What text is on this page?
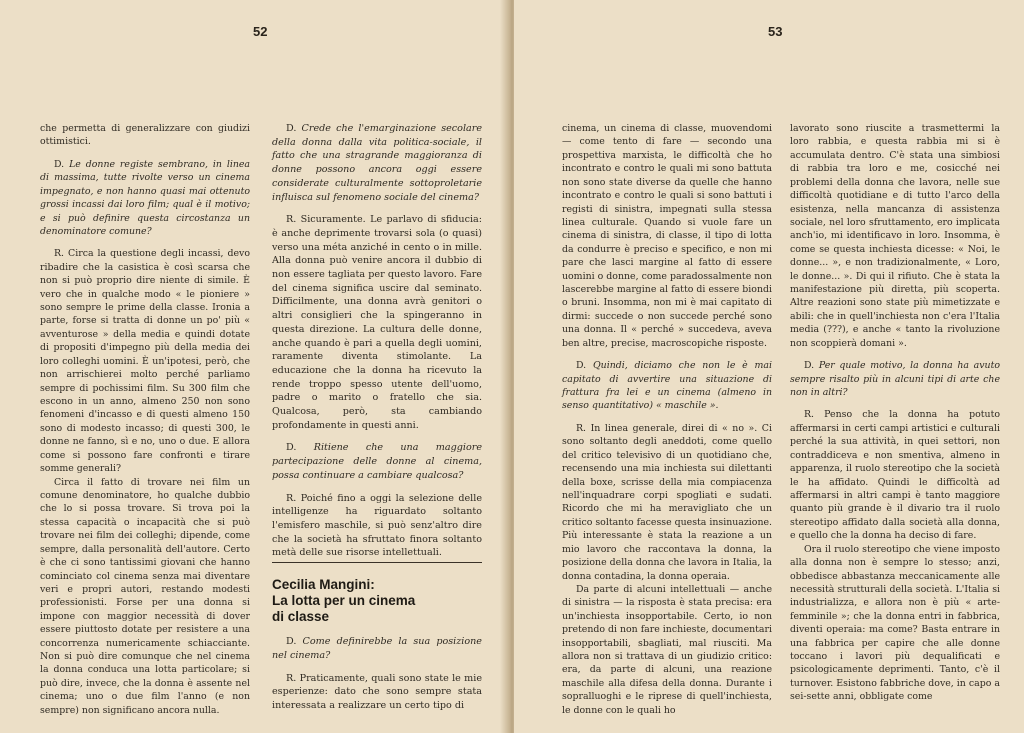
52

che permetta di generalizzare con giudizi ottimistici.

D. Le donne registe sembrano, in linea di massima, tutte rivolte verso un cinema impegnato, e non hanno quasi mai ottenuto grossi incassi dai loro film; qual è il motivo; e si può definire questa circostanza un denominatore comune?

R. Circa la questione degli incassi, devo ribadire che la casistica è così scarsa che non si può proprio dire niente di simile. È vero che in qualche modo « le pioniere » sono sempre le prime della classe. Ironia a parte, forse si tratta di donne un po' più « avventurose » della media e quindi dotate di propositi d'impegno più della media dei loro colleghi uomini. È un'ipotesi, però, che non arrischierei molto perché parliamo sempre di pochissimi film. Su 300 film che escono in un anno, almeno 250 non sono fenomeni d'incasso e di questi almeno 150 sono di modesto incasso; di questi 300, le donne ne fanno, sì e no, uno o due. E allora come si possono fare confronti e tirare somme generali?

Circa il fatto di trovare nei film un comune denominatore, ho qualche dubbio che lo si possa trovare. Si trova poi la stessa capacità o incapacità che si può trovare nei film dei colleghi; dipende, come sempre, dalla personalità dell'autore. Certo è che ci sono tantissimi giovani che hanno cominciato col cinema senza mai diventare veri e propri autori, restando modesti professionisti. Forse per una donna si impone con maggior necessità di dover essere piuttosto dotate per resistere a una concorrenza numericamente schiacciante. Non si può dire comunque che nel cinema la donna conduca una lotta particolare; si può dire, invece, che la donna è assente nel cinema; uno o due film l'anno (e non sempre) non significano ancora nulla.

D. Crede che l'emarginazione secolare della donna dalla vita politica-sociale, il fatto che una stragrande maggioranza di donne possono ancora oggi essere considerate culturalmente sottoproletarie influisca sul fenomeno sociale del cinema?

R. Sicuramente. Le parlavo di sfiducia: è anche deprimente trovarsi sola (o quasi) verso una méta anziché in cento o in mille. Alla donna può venire ancora il dubbio di non essere tagliata per questo lavoro. Fare del cinema significa uscire dal seminato. Difficilmente, una donna avrà genitori o altri consiglieri che la spingeranno in questa direzione. La cultura delle donne, anche quando è pari a quella degli uomini, raramente diventa stimolante. La educazione che la donna ha ricevuto la rende troppo spesso utente dell'uomo, padre o marito o fratello che sia. Qualcosa, però, sta cambiando profondamente in questi anni.

D. Ritiene che una maggiore partecipazione delle donne al cinema, possa continuare a cambiare qualcosa?

R. Poiché fino a oggi la selezione delle intelligenze ha riguardato soltanto l'emisfero maschile, si può senz'altro dire che la società ha sfruttato finora soltanto metà delle sue risorse intellettuali.

Cecilia Mangini:
La lotta per un cinema
di classe

D. Come definirebbe la sua posizione nel cinema?

R. Praticamente, quali sono state le mie esperienze: dato che sono sempre stata interessata a realizzare un certo tipo di

53

cinema, un cinema di classe, muovendomi — come tento di fare — secondo una prospettiva marxista, le difficoltà che ho incontrato e contro le quali mi sono battuta non sono state diverse da quelle che hanno incontrato e contro le quali si sono battuti i registi di sinistra, impegnati sulla stessa linea culturale. Quando si vuole fare un cinema di sinistra, di classe, il tipo di lotta da condurre è preciso e specifico, e non mi pare che lasci margine al fatto di essere uomini o donne, come paradossalmente non lascerebbe margine al fatto di essere biondi o bruni. Insomma, non mi è mai capitato di dirmi: succede o non succede perché sono una donna. Il « perché » succedeva, aveva ben altre, precise, macroscopiche risposte.

D. Quindi, diciamo che non le è mai capitato di avvertire una situazione di frattura fra lei e un cinema (almeno in senso quantitativo) « maschile ».

R. In linea generale, direi di « no ». Ci sono soltanto degli aneddoti, come quello del critico televisivo di un quotidiano che, recensendo una mia inchiesta sui dilettanti della boxe, scrisse della mia compiacenza nell'inquadrare corpi spogliati e sudati. Ricordo che mi ha meravigliato che un critico soltanto facesse questa insinuazione. Più interessante è stata la reazione a un mio lavoro che raccontava la donna, la posizione della donna che lavora in Italia, la donna contadina, la donna operaia.

Da parte di alcuni intellettuali — anche di sinistra — la risposta è stata precisa: era un'inchiesta insopportabile. Certo, io non pretendo di non fare inchieste, documentari insopportabili, sbagliati, mal riusciti. Ma allora non si trattava di un giudizio critico: era, da parte di alcuni, una reazione maschile alla difesa della donna. Durante i sopralluoghi e le riprese di quell'inchiesta, le donne con le quali ho

lavorato sono riuscite a trasmettermi la loro rabbia, e questa rabbia mi si è accumulata dentro. C'è stata una simbiosi di rabbia tra loro e me, cosicché nei problemi della donna che lavora, nelle sue difficoltà quotidiane e di tutto l'arco della esistenza, nella mancanza di assistenza sociale, nel loro sfruttamento, ero implicata anch'io, mi identificavo in loro. Insomma, è come se questa inchiesta dicesse: « Noi, le donne... », e non tradizionalmente, « Loro, le donne... ». Di qui il rifiuto. Che è stata la manifestazione più diretta, più scoperta. Altre reazioni sono state più mimetizzate e abili: che in quell'inchiesta non c'era l'Italia media (???), e anche « tanto la rivoluzione non scoppierà domani ».

D. Per quale motivo, la donna ha avuto sempre risalto più in alcuni tipi di arte che non in altri?

R. Penso che la donna ha potuto affermarsi in certi campi artistici e culturali perché la sua attività, in quei settori, non contraddiceva e non smentiva, almeno in apparenza, il ruolo stereotipo che la società le ha affidato. Quindi le difficoltà ad affermarsi in altri campi è tanto maggiore quanto più grande è il divario tra il ruolo stereotipo affidato dalla società alla donna, e quello che la donna ha deciso di fare.

Ora il ruolo stereotipo che viene imposto alla donna non è sempre lo stesso; anzi, obbedisce abbastanza meccanicamente alle necessità strutturali della società. L'Italia si industrializza, e allora non è più « arte-femminile »; che la donna entri in fabbrica, diventi operaia: ma come? Basta entrare in una fabbrica per capire che alle donne toccano i lavori più dequalificati e psicologicamente deprimenti. Tanto, c'è il turnover. Esistono fabbriche dove, in capo a sei-sette anni, obbligate come
